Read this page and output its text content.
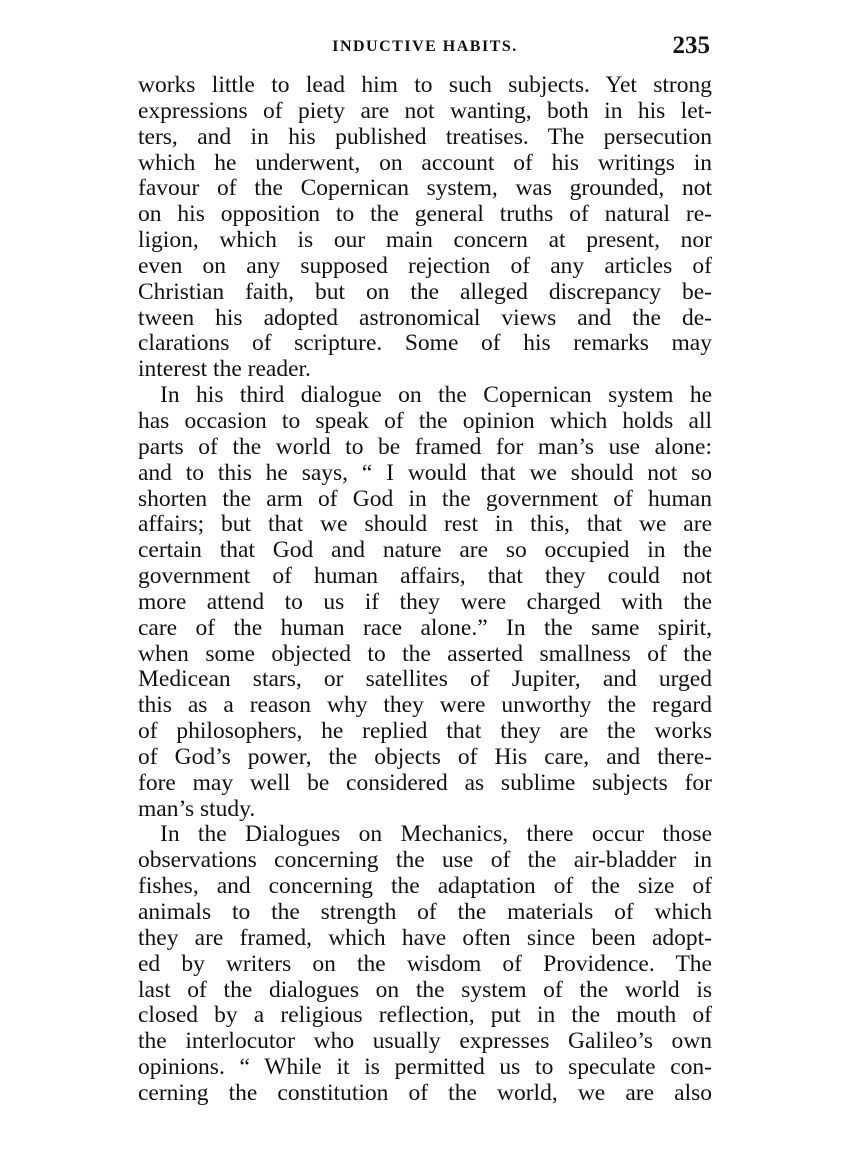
INDUCTIVE HABITS.	235
works little to lead him to such subjects. Yet strong
expressions of piety are not wanting, both in his let-
ters, and in his published treatises. The persecution
which he underwent, on account of his writings in
favour of the Copernican system, was grounded, not
on his opposition to the general truths of natural re-
ligion, which is our main concern at present, nor
even on any supposed rejection of any articles of
Christian faith, but on the alleged discrepancy be-
tween his adopted astronomical views and the de-
clarations of scripture. Some of his remarks may
interest the reader.
In his third dialogue on the Copernican system he
has occasion to speak of the opinion which holds all
parts of the world to be framed for man’s use alone:
and to this he says, “ I would that we should not so
shorten the arm of God in the government of human
affairs; but that we should rest in this, that we are
certain that God and nature are so occupied in the
government of human affairs, that they could not
more attend to us if they were charged with the
care of the human race alone.” In the same spirit,
when some objected to the asserted smallness of the
Medicean stars, or satellites of Jupiter, and urged
this as a reason why they were unworthy the regard
of philosophers, he replied that they are the works
of God’s power, the objects of His care, and there-
fore may well be considered as sublime subjects for
man’s study.
In the Dialogues on Mechanics, there occur those
observations concerning the use of the air-bladder in
fishes, and concerning the adaptation of the size of
animals to the strength of the materials of which
they are framed, which have often since been adopt-
ed by writers on the wisdom of Providence. The
last of the dialogues on the system of the world is
closed by a religious reflection, put in the mouth of
the interlocutor who usually expresses Galileo’s own
opinions. “ While it is permitted us to speculate con-
cerning the constitution of the world, we are also
